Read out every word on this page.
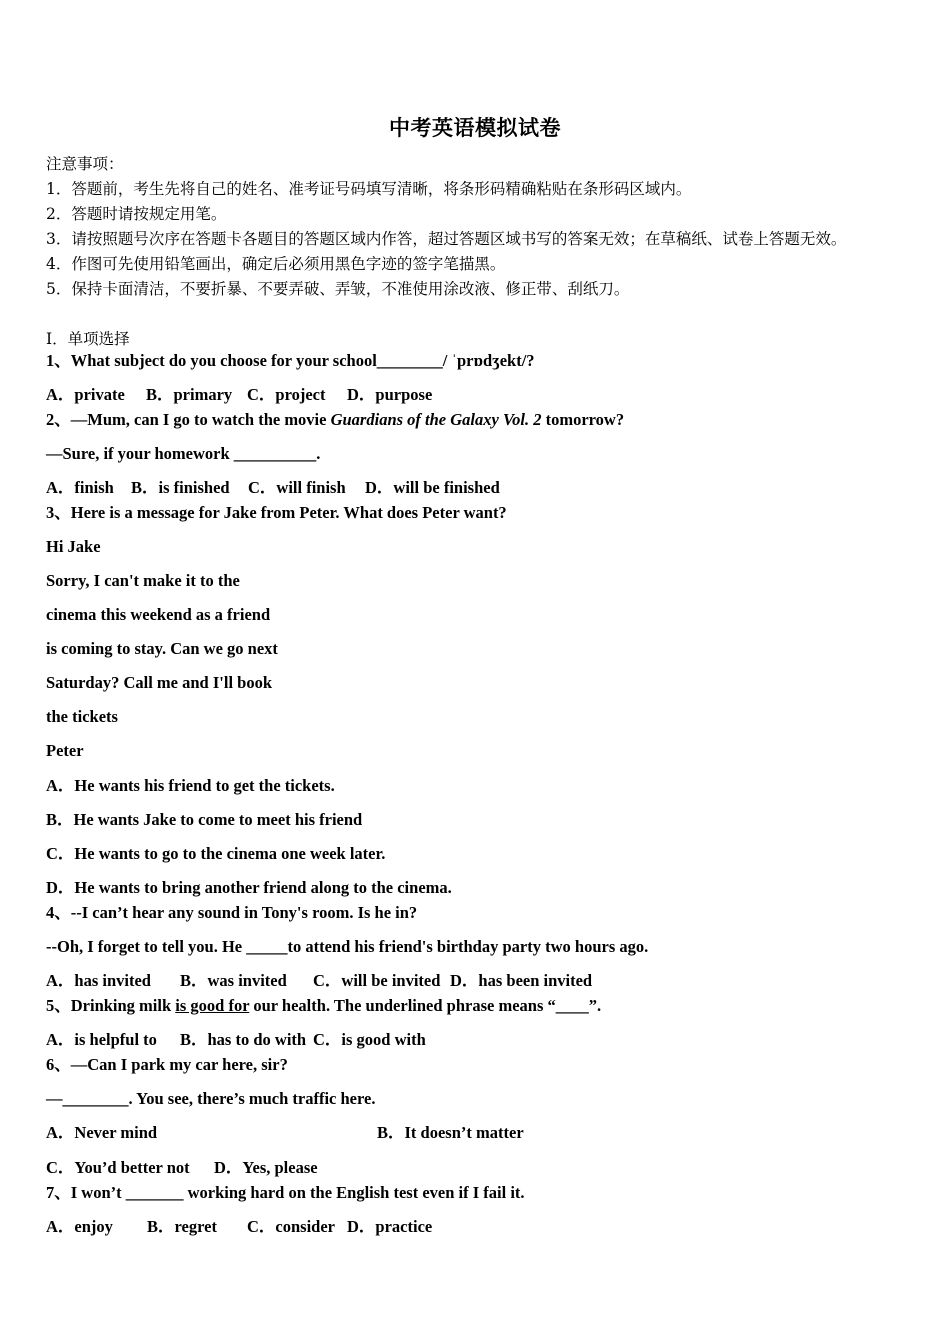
中考英语模拟试卷
注意事项：
1．答题前，考生先将自己的姓名、准考证号码填写清晰，将条形码精确粘贴在条形码区域内。
2．答题时请按规定用笔。
3．请按照题号次序在答题卡各题目的答题区域内作答，超过答题区域书写的答案无效；在草稿纸、试卷上答题无效。
4．作图可先使用铅笔画出，确定后必须用黑色字迹的签字笔描黑。
5．保持卡面清洁，不要折暴、不要弄破、弄皱，不准使用涂改液、修正带、刮纸刀。
Ⅰ．单项选择
1、What subject do you choose for your school________/ ˈprɒdʒekt/?
A．private B．primary C．project D．purpose
2、—Mum, can I go to watch the movie Guardians of the Galaxy Vol. 2 tomorrow?
—Sure, if your homework __________.
A．finish B．is finished C．will finish D．will be finished
3、Here is a message for Jake from Peter. What does Peter want?
Hi Jake
Sorry, I can't make it to the
cinema this weekend as a friend
is coming to stay. Can we go next
Saturday? Call me and I'll book
the tickets
Peter
A．He wants his friend to get the tickets.
B．He wants Jake to come to meet his friend
C．He wants to go to the cinema one week later.
D．He wants to bring another friend along to the cinema.
4、--I can’t hear any sound in Tony's room. Is he in?
--Oh, I forget to tell you. He _____to attend his friend's birthday party two hours ago.
A．has invited B．was invited C．will be invited D．has been invited
5、Drinking milk is good for our health. The underlined phrase means “____”.
A．is helpful to B．has to do with C．is good with
6、—Can I park my car here, sir?
—________. You see, there’s much traffic here.
A．Never mind	B．It doesn’t matter
C．You’d better not D．Yes, please
7、I won’t _______ working hard on the English test even if I fail it.
A．enjoy B．regret C．consider D．practice
